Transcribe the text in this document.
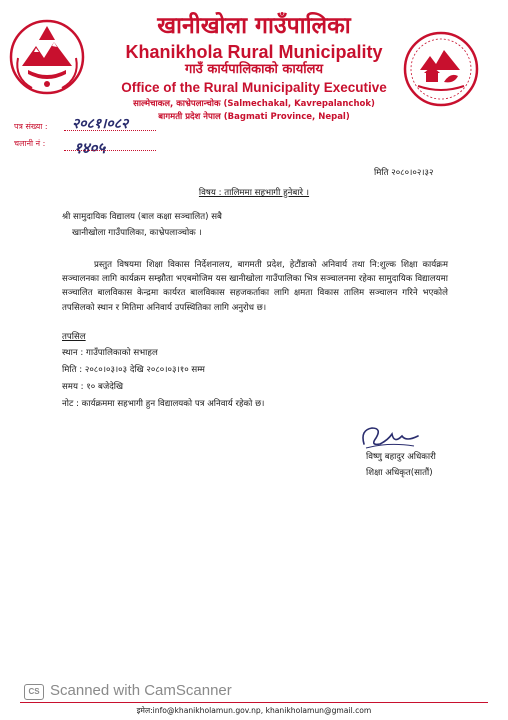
खानीखोला गाउँपालिका
Khanikhola Rural Municipality
गाउँ कार्यपालिकाको कार्यालय
Office of the Rural Municipality Executive
साल्मेचाकल, काभ्रेपलान्चोक (Salmechakal, Kavrepalanchok)
बागमती प्रदेश नेपाल (Bagmati Province, Nepal)
पत्र संख्या : २०८१।०८२
चलानी नं : १४०५
मिति २०८०।०२।३२
विषय : तालिममा सहभागी हुनेबारे ।
श्री सामुदायिक विद्यालय (बाल कक्षा सञ्चालित) सबै
खानीखोला गाउँपालिका, काभ्रेपलाञ्चोक ।
प्रस्तुत विषयमा शिक्षा विकास निर्देशनालय, बागमती प्रदेश, हेटौंडाको अनिवार्य तथा नि:शुल्क शिक्षा कार्यक्रम सञ्चालनका लागि कार्यक्रम सम्झौता भएबमोजिम यस खानीखोला गाउँपालिका भित्र सञ्चालनमा रहेका सामुदायिक विद्यालयमा सञ्चालित बालविकास केन्द्रमा कार्यरत बालविकास सहजकर्ताका लागि क्षमता विकास तालिम सञ्चालन गरिने भएकोले तपसिलको स्थान र मितिमा अनिवार्य उपस्थितिका लागि अनुरोध छ।
तपसिल
स्थान : गाउँपालिकाको सभाहल
मिति : २०८०।०३।०३ देखि २०८०।०३।१० सम्म
समय : १० बजेदेखि
नोट : कार्यक्रममा सहभागी हुन विद्यालयको पत्र अनिवार्य रहेको छ।
विष्णु बहादुर अधिकारी
शिक्षा अधिकृत(सातौं)
CS Scanned with CamScanner
इमेल:info@khanikholamun.gov.np, khanikholamun@gmail.com
